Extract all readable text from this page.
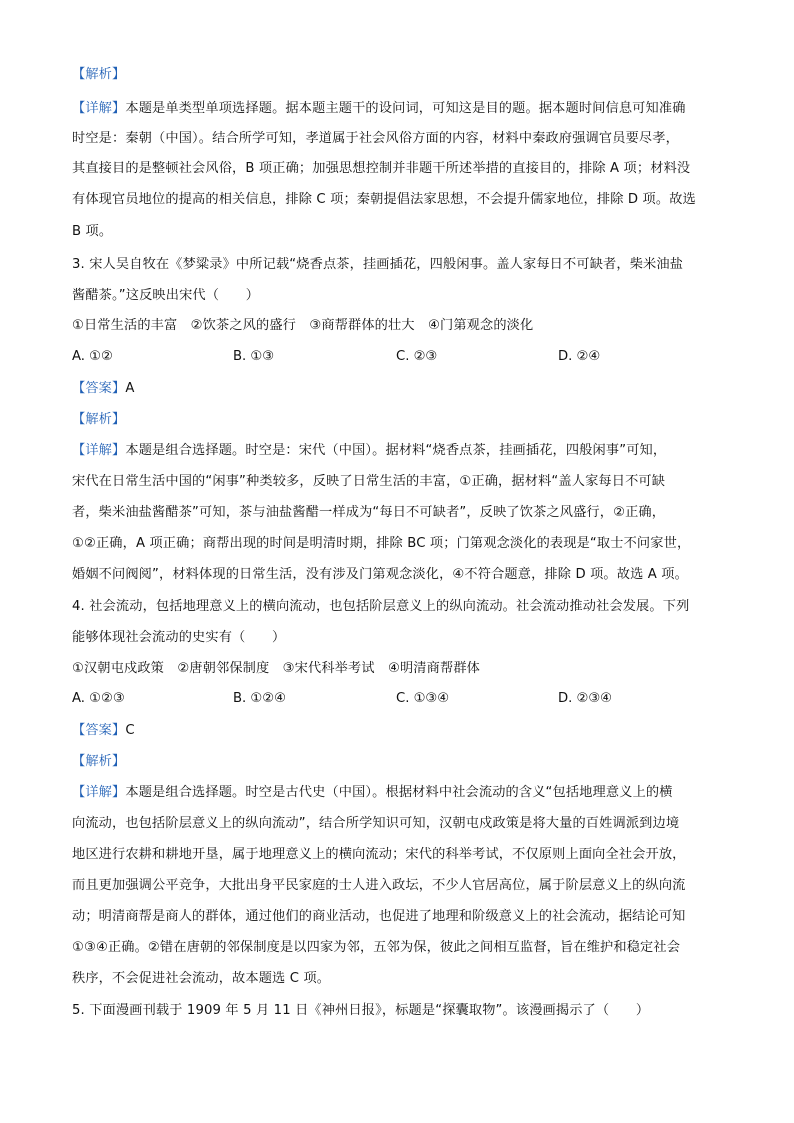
【解析】
【详解】本题是单类型单项选择题。据本题主题干的设问词，可知这是目的题。据本题时间信息可知准确
时空是：秦朝（中国）。结合所学可知，孝道属于社会风俗方面的内容，材料中秦政府强调官员要尽孝，
其直接目的是整顿社会风俗，B 项正确；加强思想控制并非题干所述举措的直接目的，排除 A 项；材料没
有体现官员地位的提高的相关信息，排除 C 项；秦朝提倡法家思想，不会提升儒家地位，排除 D 项。故选
B 项。
3. 宋人吴自牧在《梦粱录》中所记载“烧香点茶，挂画插花，四般闲事。盖人家每日不可缺者，柴米油盐
酱醋茶。”这反映出宋代（　　）
①日常生活的丰富　②饮茶之风的盛行　③商帮群体的壮大　④门第观念的淡化
A. ①②	B. ①③	C. ②③	D. ②④
【答案】A
【解析】
【详解】本题是组合选择题。时空是：宋代（中国）。据材料“烧香点茶，挂画插花，四般闲事”可知，
宋代在日常生活中国的“闲事”种类较多，反映了日常生活的丰富，①正确，据材料“盖人家每日不可缺
者，柴米油盐酱醋茶”可知，茶与油盐酱醋一样成为“每日不可缺者”，反映了饮茶之风盛行，②正确，
①②正确，A 项正确；商帮出现的时间是明清时期，排除 BC 项；门第观念淡化的表现是“取士不问家世，
婚姻不问阀阅”，材料体现的日常生活，没有涉及门第观念淡化，④不符合题意，排除 D 项。故选 A 项。
4. 社会流动，包括地理意义上的横向流动，也包括阶层意义上的纵向流动。社会流动推动社会发展。下列
能够体现社会流动的史实有（　　）
①汉朝屯戍政策　②唐朝邻保制度　③宋代科举考试　④明清商帮群体
A. ①②③	B. ①②④	C. ①③④	D. ②③④
【答案】C
【解析】
【详解】本题是组合选择题。时空是古代史（中国）。根据材料中社会流动的含义“包括地理意义上的横
向流动，也包括阶层意义上的纵向流动”，结合所学知识可知，汉朝屯戍政策是将大量的百姓调派到边境
地区进行农耕和耕地开垦，属于地理意义上的横向流动；宋代的科举考试，不仅原则上面向全社会开放，
而且更加强调公平竞争，大批出身平民家庭的士人进入政坛，不少人官居高位，属于阶层意义上的纵向流
动；明清商帮是商人的群体，通过他们的商业活动，也促进了地理和阶级意义上的社会流动，据结论可知
①③④正确。②错在唐朝的邻保制度是以四家为邻，五邻为保，彼此之间相互监督，旨在维护和稳定社会
秩序，不会促进社会流动，故本题选 C 项。
5. 下面漫画刊载于 1909 年 5 月 11 日《神州日报》，标题是“探囊取物”。该漫画揭示了（　　）
